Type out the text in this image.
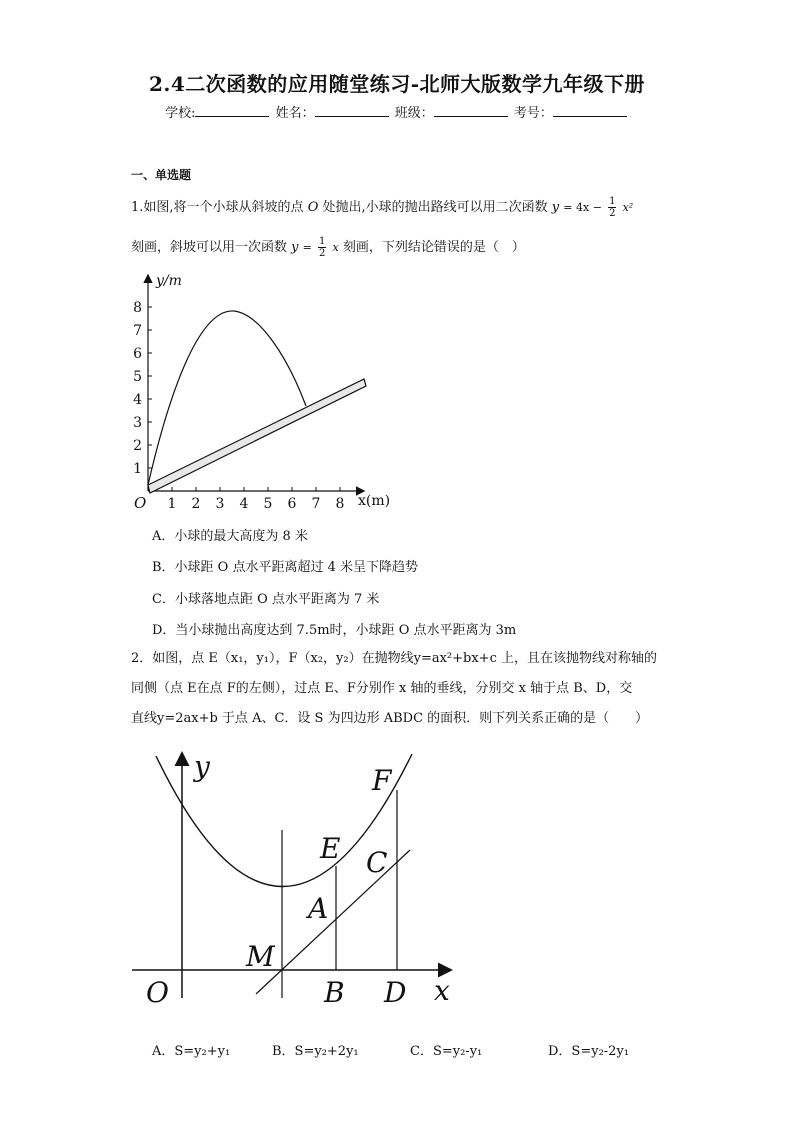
2.4二次函数的应用随堂练习-北师大版数学九年级下册
学校:	姓名：	班级：	考号：
一、单选题
1.如图,将一个小球从斜坡的点 O 处抛出,小球的抛出路线可以用二次函数 $y = 4x - \frac{1}{2} x^2$
刻画，斜坡可以用一次函数 $y = \frac{1}{2}$ x 刻画，下列结论错误的是（　）
1 2 3 4 5 6 7 8
1
2
3
4
5
6
7
8
O
y/m
x(m)
A．小球的最大高度为 8 米
B．小球距 O 点水平距离超过 4 米呈下降趋势
C．小球落地点距 O 点水平距离为 7 米
D．当小球抛出高度达到 7.5m时，小球距 O 点水平距离为 3m
2．如图，点 E（x₁，y₁），F（x₂，y₂）在抛物线y=ax²+bx+c 上，且在该抛物线对称轴的
同侧（点 E在点 F的左侧），过点 E、F分别作 x 轴的垂线，分别交 x 轴于点 B、D，交
直线y=2ax+b 于点 A、C．设 S 为四边形 ABDC 的面积．则下列关系正确的是（　　）
y
x
O
M
B D
A
C
E
F
A．S=y₂+y₁	B．S=y₂+2y₁	C．S=y₂-y₁	D．S=y₂-2y₁
